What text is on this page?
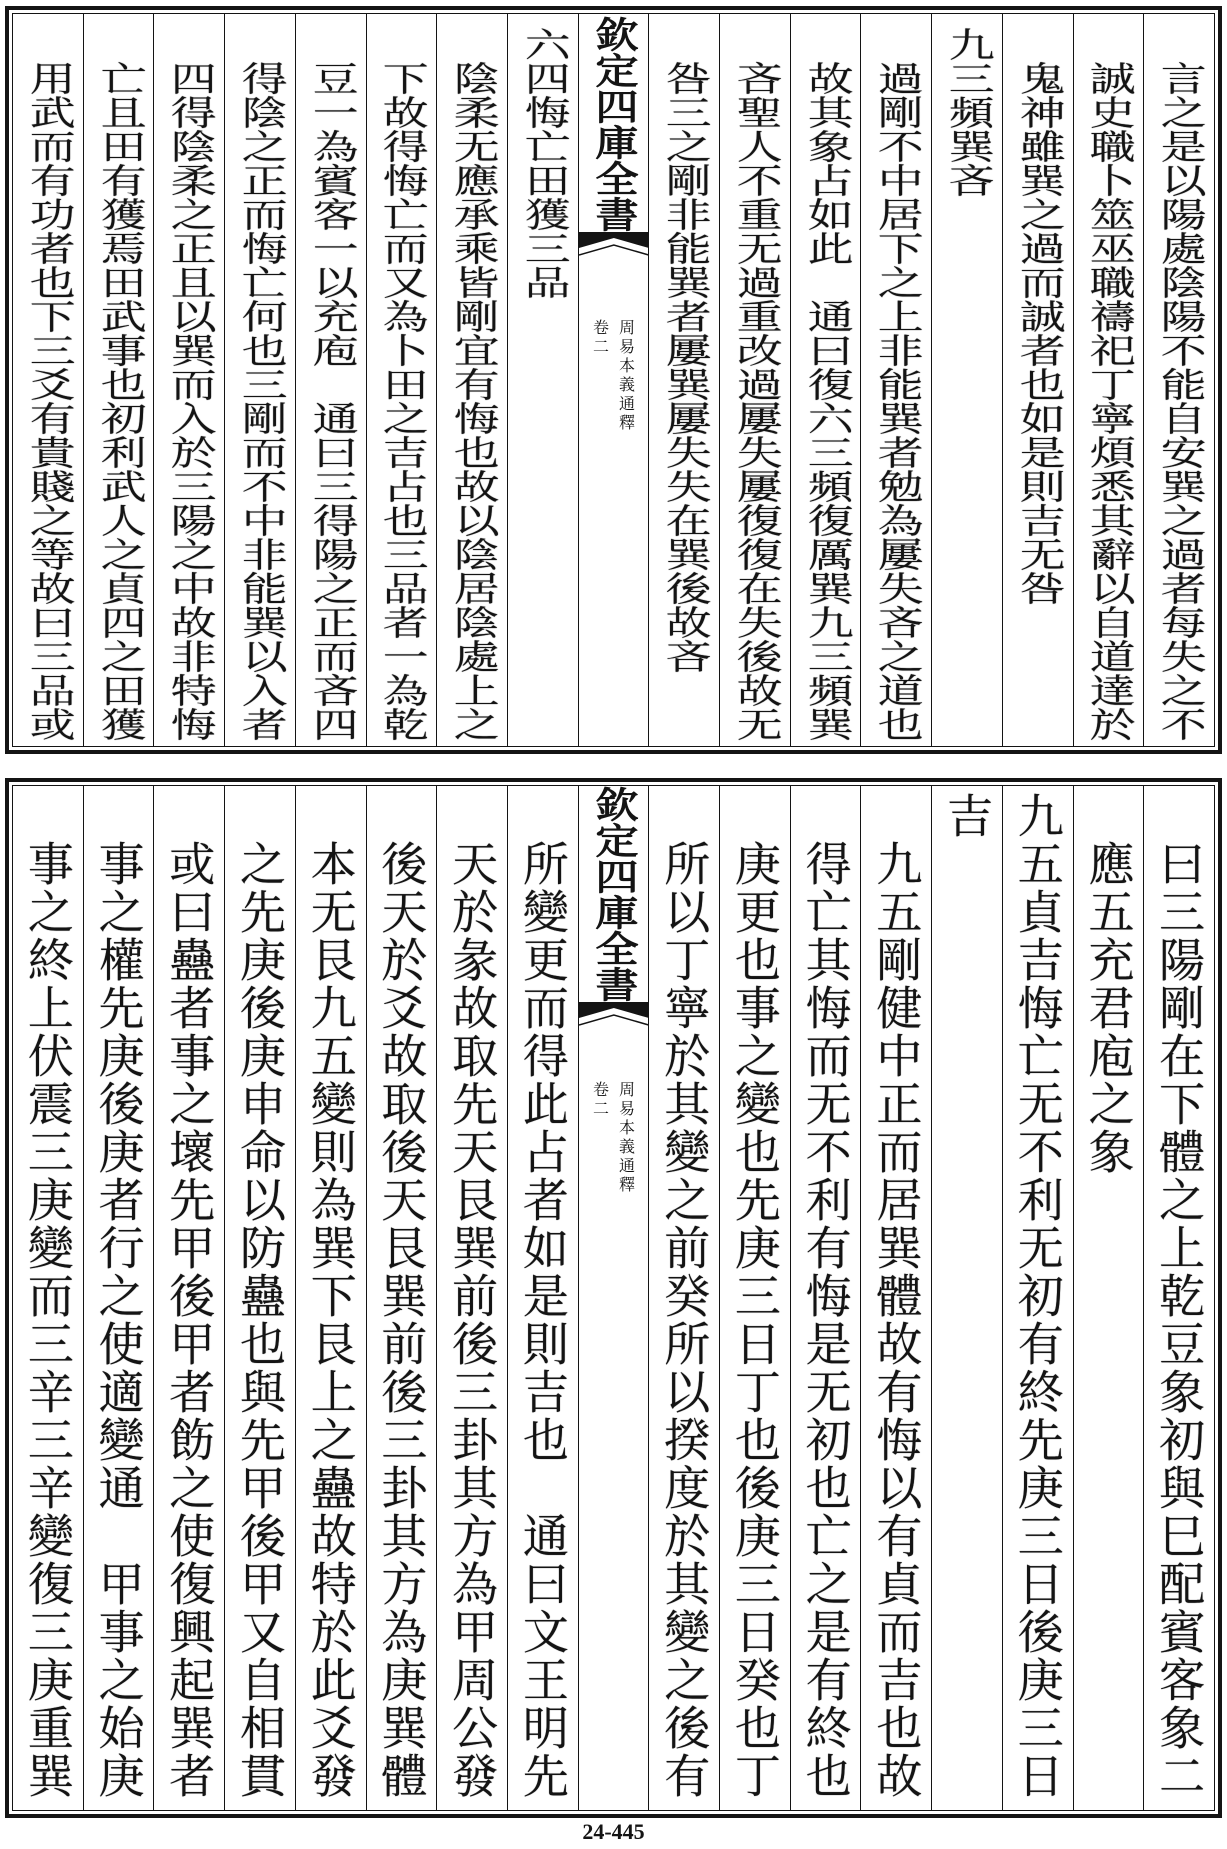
言之是以陽處陰陽不能自安巽之過者每失之不
誠史職卜筮巫職禱祀丁寧煩悉其辭以自道達於
鬼神雖巽之過而誠者也如是則吉无咎
九三頻巽吝
過剛不中居下之上非能巽者勉為屢失吝之道也
故其象占如此　通曰復六三頻復厲巽九三頻巽
吝聖人不重无過重改過屢失屢復復在失後故无
咎三之剛非能巽者屢巽屢失失在巽後故吝
欽定四庫全書
周易本義通釋
卷二
六四悔亡田獲三品
陰柔无應承乘皆剛宜有悔也故以陰居陰處上之
下故得悔亡而又為卜田之吉占也三品者一為乾
豆一為賓客一以充庖　通曰三得陽之正而吝四
得陰之正而悔亡何也三剛而不中非能巽以入者
四得陰柔之正且以巽而入於三陽之中故非特悔
亡且田有獲焉田武事也初利武人之貞四之田獲
用武而有功者也下三爻有貴賤之等故曰三品或
曰三陽剛在下體之上乾豆象初與巳配賓客象二
應五充君庖之象
九五貞吉悔亡无不利无初有終先庚三日後庚三日
吉
九五剛健中正而居巽體故有悔以有貞而吉也故
得亡其悔而无不利有悔是无初也亡之是有終也
庚更也事之變也先庚三日丁也後庚三日癸也丁
所以丁寧於其變之前癸所以揆度於其變之後有
欽定四庫全書
周易本義通釋
卷二
所變更而得此占者如是則吉也　通曰文王明先
天於彖故取先天艮巽前後三卦其方為甲周公發
後天於爻故取後天艮巽前後三卦其方為庚巽體
本无艮九五變則為巽下艮上之蠱故特於此爻發
之先庚後庚申命以防蠱也與先甲後甲又自相貫
或曰蠱者事之壞先甲後甲者飭之使復興起巽者
事之權先庚後庚者行之使適變通　甲事之始庚
事之終上伏震三庚變而三辛三辛變復三庚重巽
24-445
